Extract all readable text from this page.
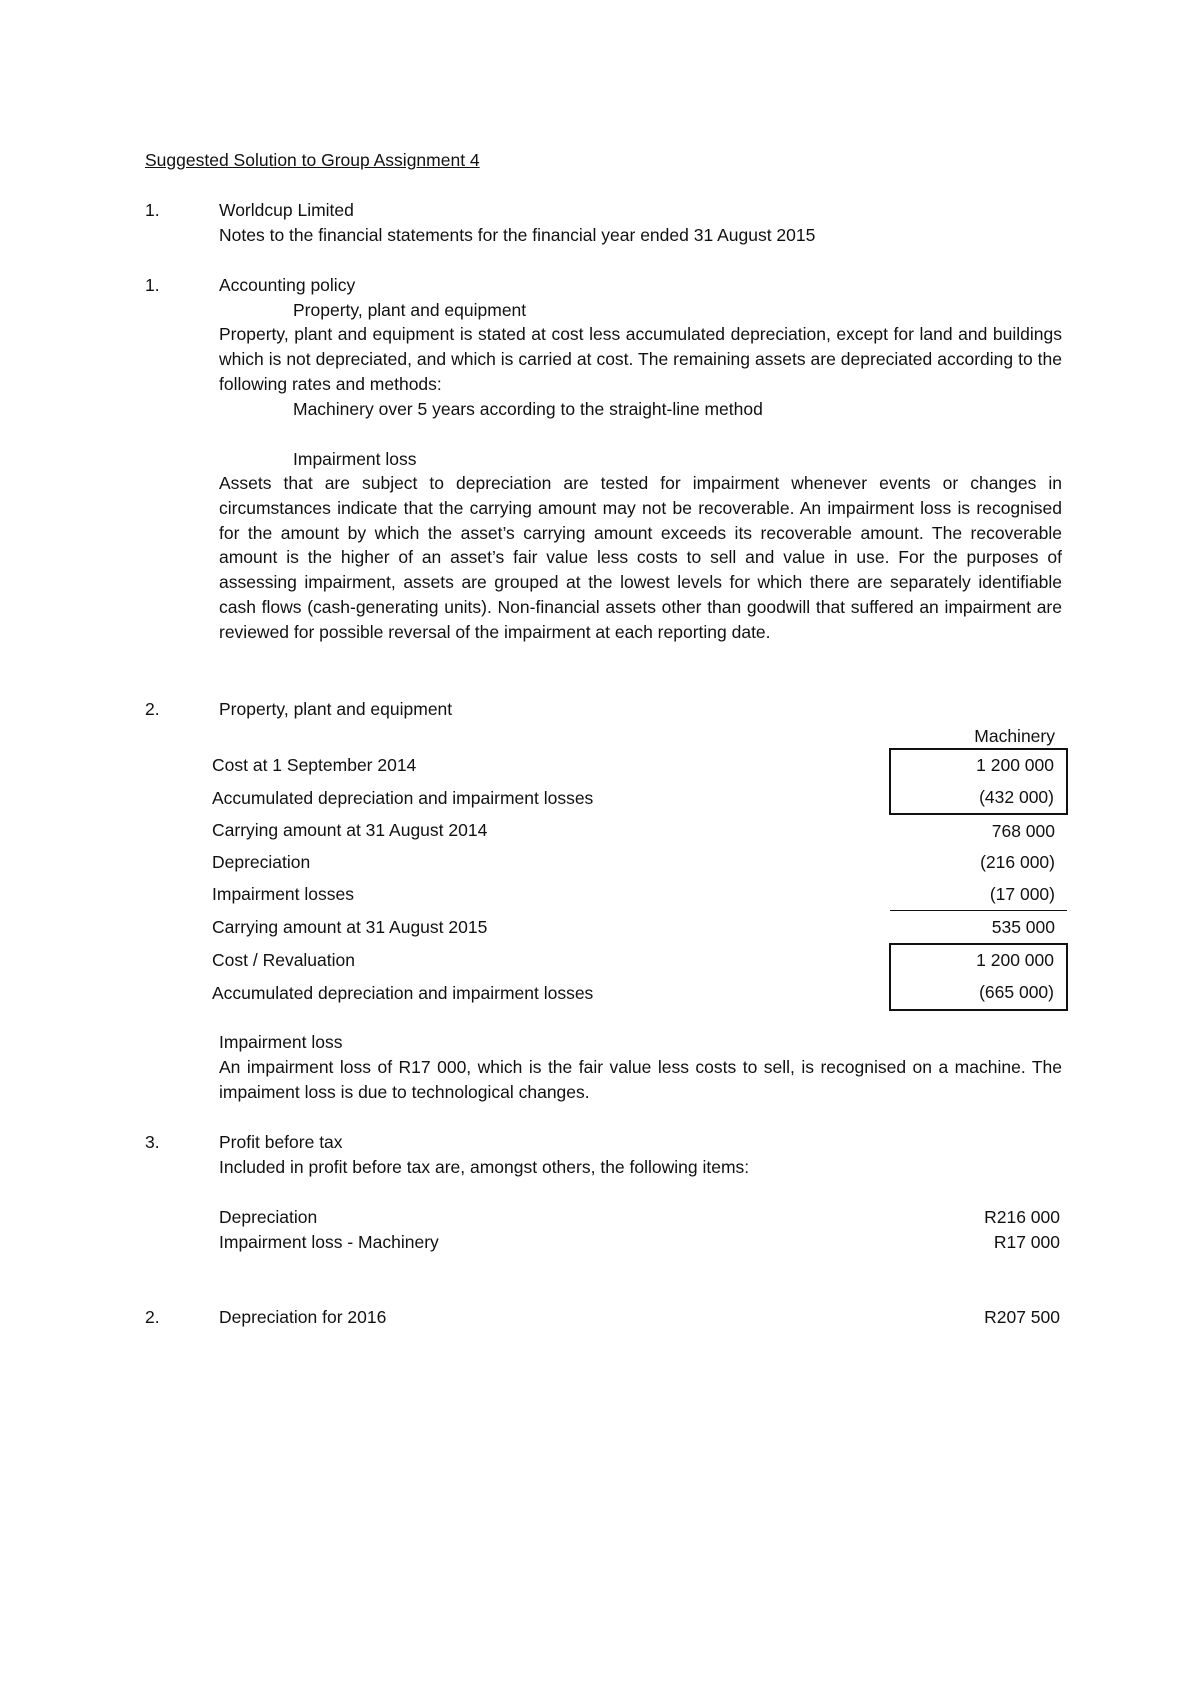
Suggested Solution to Group Assignment 4
1.	Worldcup Limited
Notes to the financial statements for the financial year ended 31 August 2015
1.	Accounting policy
Property, plant and equipment
Property, plant and equipment is stated at cost less accumulated depreciation, except for land and buildings which is not depreciated, and which is carried at cost. The remaining assets are depreciated according to the following rates and methods:
Machinery over 5 years according to the straight-line method
Impairment loss
Assets that are subject to depreciation are tested for impairment whenever events or changes in circumstances indicate that the carrying amount may not be recoverable. An impairment loss is recognised for the amount by which the asset’s carrying amount exceeds its recoverable amount. The recoverable amount is the higher of an asset’s fair value less costs to sell and value in use. For the purposes of assessing impairment, assets are grouped at the lowest levels for which there are separately identifiable cash flows (cash-generating units). Non-financial assets other than goodwill that suffered an impairment are reviewed for possible reversal of the impairment at each reporting date.
2.	Property, plant and equipment
Machinery
Cost at 1 September 2014	1 200 000
Accumulated depreciation and impairment losses	(432 000)
Carrying amount at 31 August 2014	768 000
Depreciation	(216 000)
Impairment losses	(17 000)
Carrying amount at 31 August 2015	535 000
Cost / Revaluation	1 200 000
Accumulated depreciation and impairment losses	(665 000)
Impairment loss
An impairment loss of R17 000, which is the fair value less costs to sell, is recognised on a machine. The impaiment loss is due to technological changes.
3.	Profit before tax
Included in profit before tax are, amongst others, the following items:
Depreciation	R216 000
Impairment loss - Machinery	R17 000
2.	Depreciation for 2016	R207 500
